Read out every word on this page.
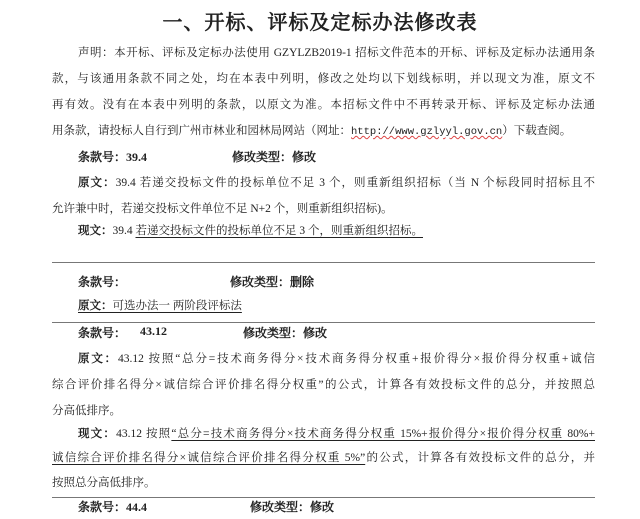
一、开标、评标及定标办法修改表
声明：本开标、评标及定标办法使用 GZYLZB2019-1 招标文件范本的开标、评标及定标办法通用条
款，与该通用条款不同之处，均在本表中列明，修改之处均以下划线标明，并以现文为准，原文不
再有效。没有在本表中列明的条款，以原文为准。本招标文件中不再转录开标、评标及定标办法通
用条款，请投标人自行到广州市林业和园林局网站（网址：http://www.gzlyyl.gov.cn）下载查阅。
条款号：39.4	修改类型：修改
原文：39.4 若递交投标文件的投标单位不足 3 个，则重新组织招标（当 N 个标段同时招标且不
允许兼中时，若递交投标文件单位不足 N+2 个，则重新组织招标)。
现文：39.4 若递交投标文件的投标单位不足 3 个，则重新组织招标。
条款号：	修改类型：删除
原文：可选办法一 两阶段评标法
条款号： 43.12	修改类型：修改
原文：43.12 按照“总分=技术商务得分×技术商务得分权重+报价得分×报价得分权重+诚信
综合评价排名得分×诚信综合评价排名得分权重”的公式，计算各有效投标文件的总分，并按照总
分高低排序。
现文：43.12 按照“总分=技术商务得分×技术商务得分权重 15%+报价得分×报价得分权重 80%+
诚信综合评价排名得分×诚信综合评价排名得分权重 5%”的公式，计算各有效投标文件的总分，并
按照总分高低排序。
条款号：44.4	修改类型：修改
